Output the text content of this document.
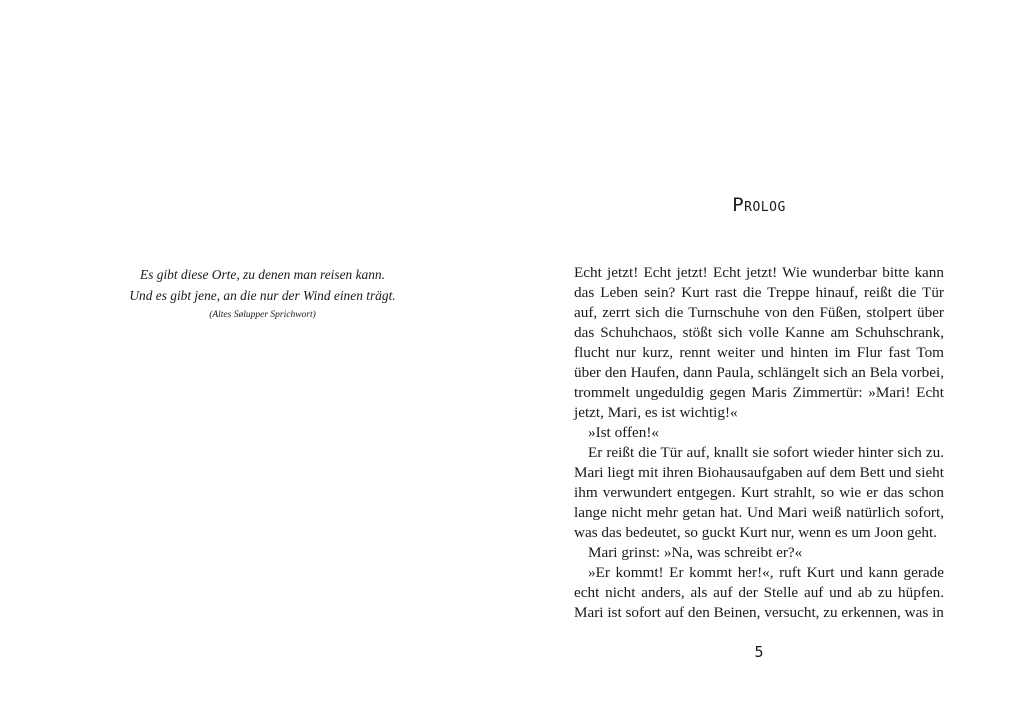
Es gibt diese Orte, zu denen man reisen kann.
Und es gibt jene, an die nur der Wind einen trägt.
(Altes Sølupper Sprichwort)
Prolog

Echt jetzt! Echt jetzt! Echt jetzt! Wie wunderbar bitte kann das Leben sein? Kurt rast die Treppe hinauf, reißt die Tür auf, zerrt sich die Turnschuhe von den Füßen, stolpert über das Schuhchaos, stößt sich volle Kanne am Schuhschrank, flucht nur kurz, rennt weiter und hinten im Flur fast Tom über den Haufen, dann Paula, schlängelt sich an Bela vorbei, trommelt ungeduldig gegen Maris Zimmertür: »Mari! Echt jetzt, Mari, es ist wichtig!«

»Ist offen!«

Er reißt die Tür auf, knallt sie sofort wieder hinter sich zu. Mari liegt mit ihren Biohausaufgaben auf dem Bett und sieht ihm verwundert entgegen. Kurt strahlt, so wie er das schon lange nicht mehr getan hat. Und Mari weiß natürlich sofort, was das bedeutet, so guckt Kurt nur, wenn es um Joon geht.

Mari grinst: »Na, was schreibt er?«

»Er kommt! Er kommt her!«, ruft Kurt und kann gerade echt nicht anders, als auf der Stelle auf und ab zu hüpfen. Mari ist sofort auf den Beinen, versucht, zu erkennen, was in

5
